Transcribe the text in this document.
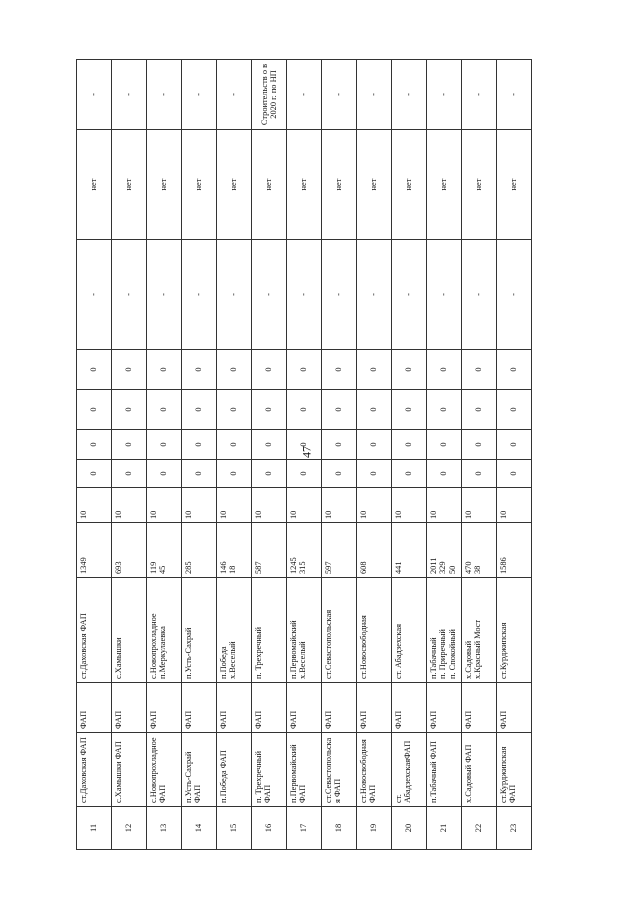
47
11	ст.Даховская ФАП	ФАП	ст.Даховская ФАП	1349	10	0	0	0	0	-	нет	-
12	с.Хамышки ФАП	ФАП	с.Хамышки	693	10	0	0	0	0	-	нет	-
13	с.Новопрохладное ФАП	ФАП	с.Новопрохладное
п.Меркулаевка	119
45	10	0	0	0	0	-	нет	-
14	п.Усть-Сахрай ФАП	ФАП	п.Усть-Сахрай	285	10	0	0	0	0	-	нет	-
15	п.Победа ФАП	ФАП	п.Победа
х.Веселый	146
18	10	0	0	0	0	-	нет	-
16	п. Трехречный ФАП	ФАП	п. Трехречный	587	10	0	0	0	0	-	нет	Строительств о в 2020 г. по НП
17	п.Первомайский ФАП	ФАП	п.Первомайский
х.Веселый	1245
315	10	0	0	0	0	-	нет	-
18	ст.Севастопольска я ФАП	ФАП	ст.Севастопольская	597	10	0	0	0	0	-	нет	-
19	ст.Новосвободная ФАП	ФАП	ст.Новосвободная	608	10	0	0	0	0	-	нет	-
20	ст. АбадзехскаяФАП	ФАП	ст. Абадзехская	441	10	0	0	0	0	-	нет	-
21	п.Табачный ФАП	ФАП	п.Табачный
п. Приречный
п. Спокойный	2011
329
50	10	0	0	0	0	-	нет	-
22	х.Садовый ФАП	ФАП	х.Садовый
х.Красный Мост	470
38	10	0	0	0	0	-	нет	-
23	ст.Курджипская ФАП	ФАП	ст.Курджипская	1586	10	0	0	0	0	-	нет	-
